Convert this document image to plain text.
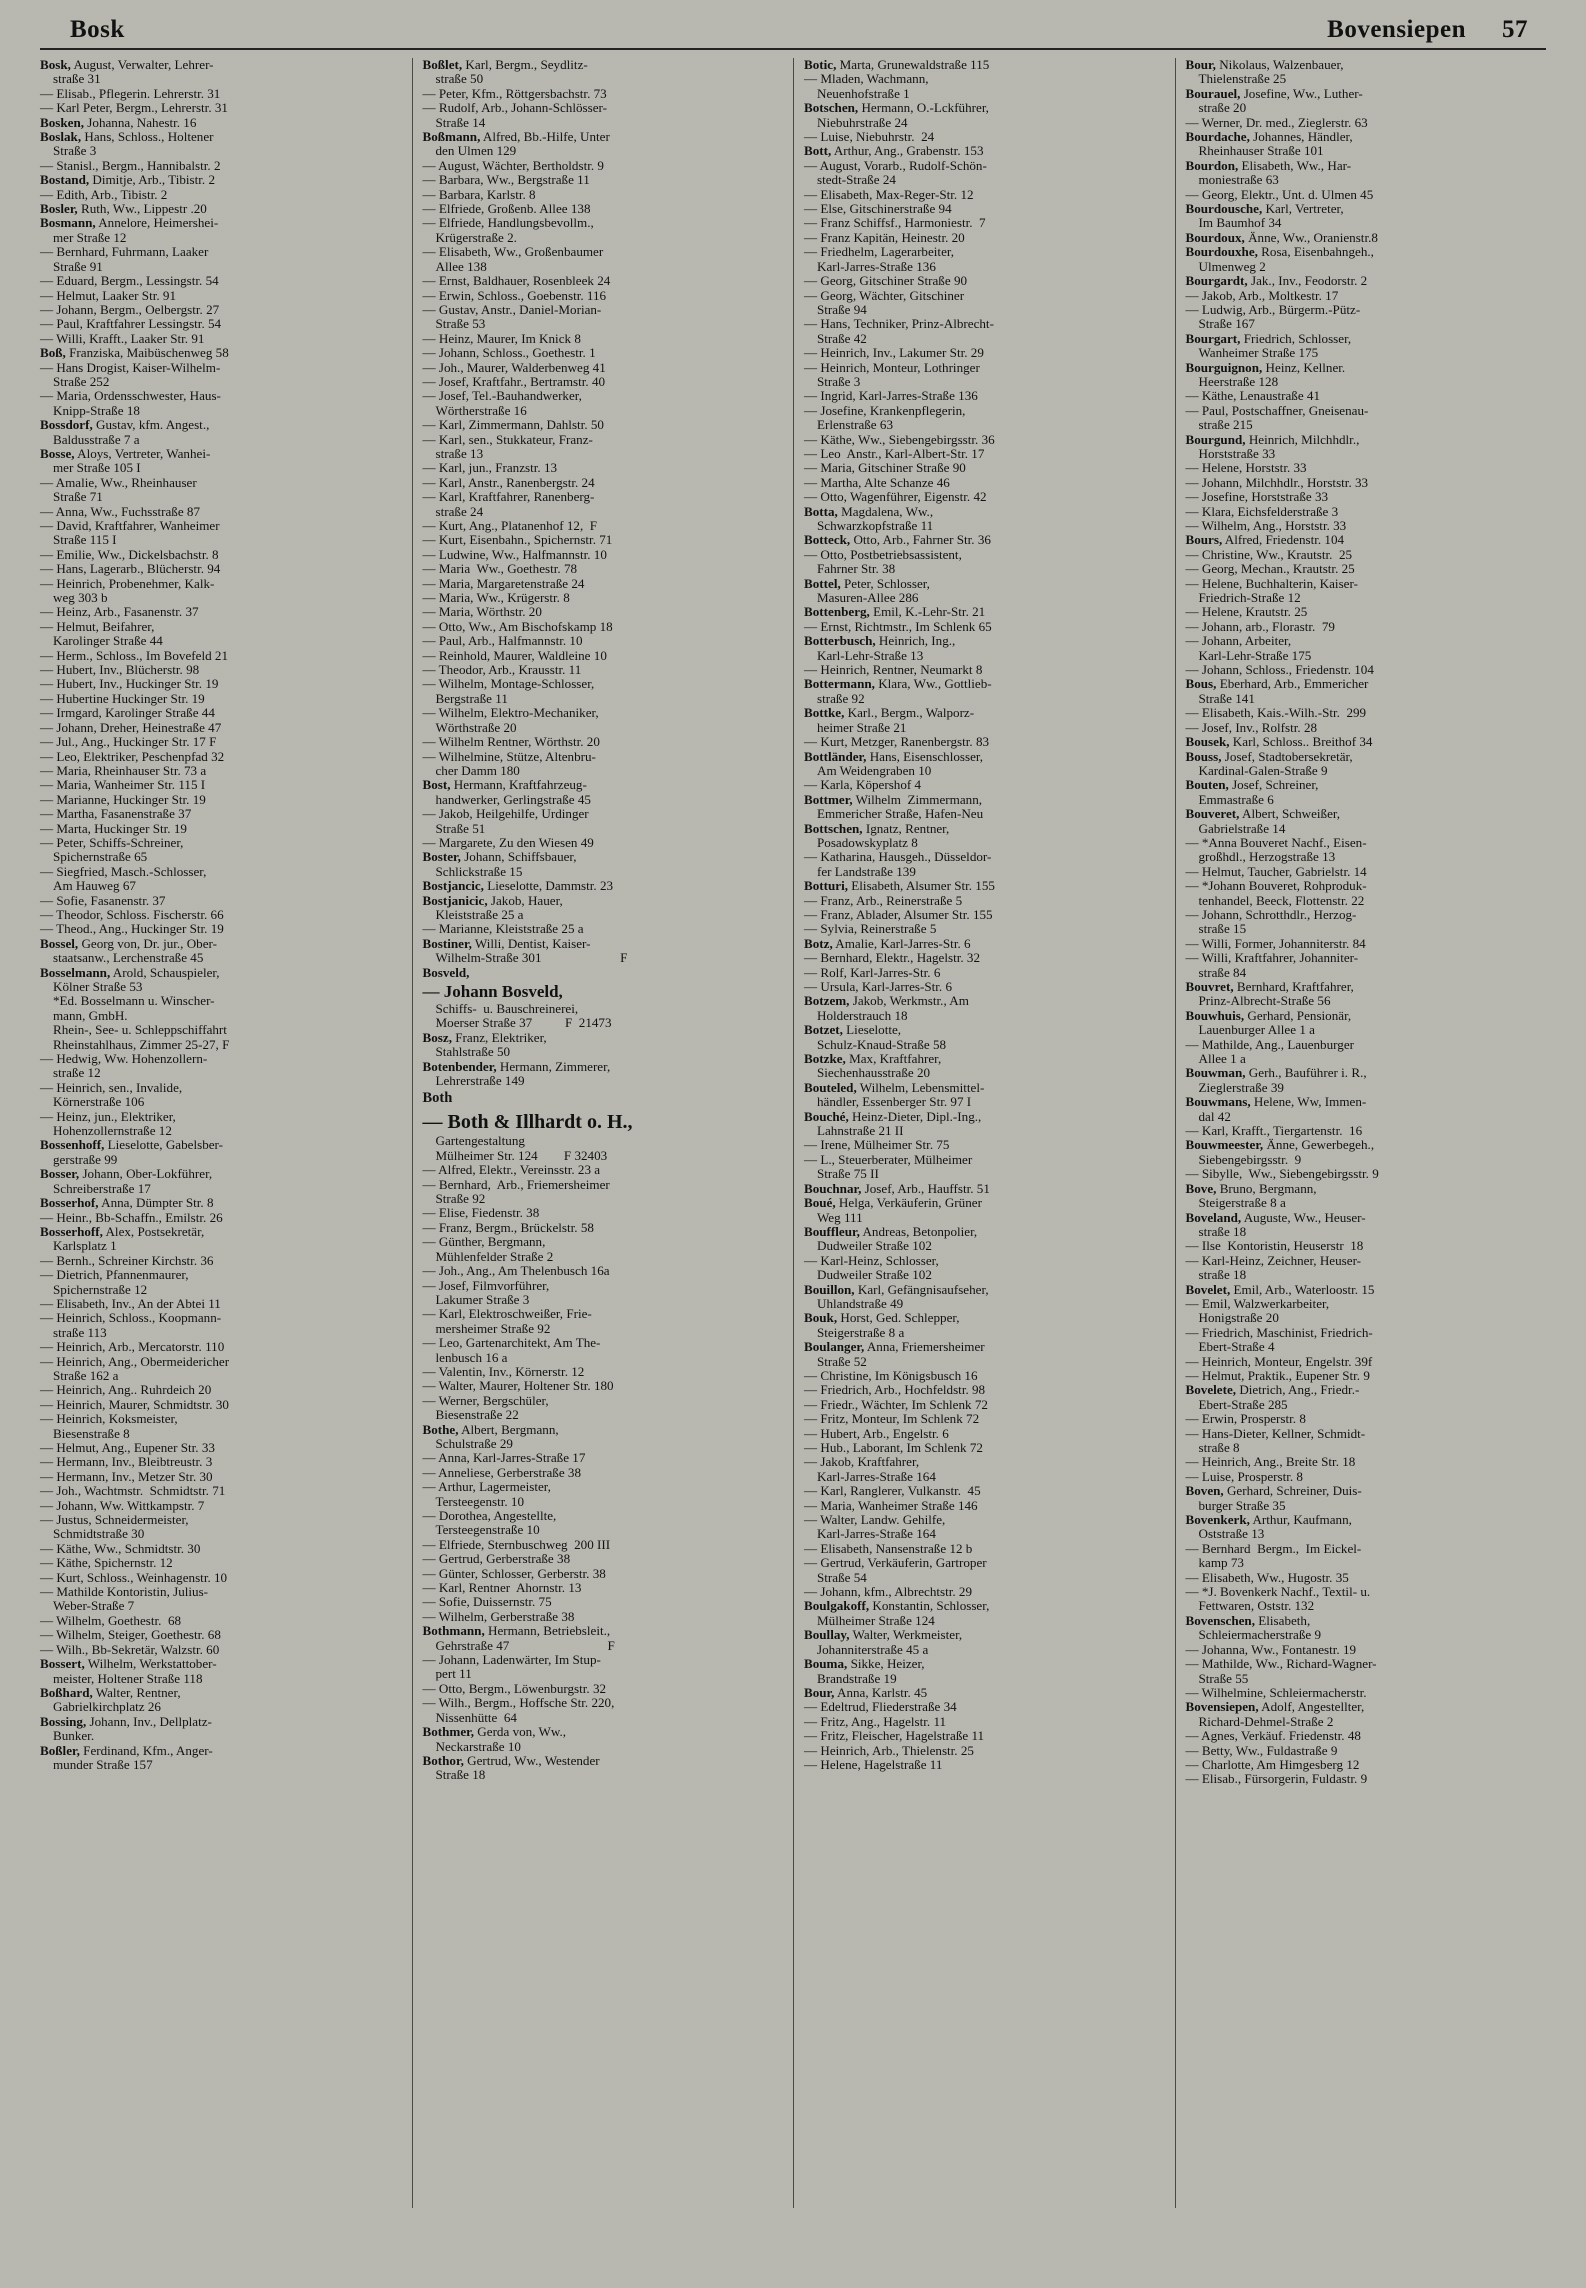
Bosk	Bovensiepen 57
Bosk, August, Verwalter, Lehrer-
straße 31
— Elisab., Pflegerin. Lehrerstr. 31
— Karl Peter, Bergm., Lehrerstr. 31
Bosken, Johanna, Nahestr. 16
Boslak, Hans, Schloss., Holtener
Straße 3
— Stanisl., Bergm., Hannibalstr. 2
Bostand, Dimitje, Arb., Tibistr. 2
— Edith, Arb., Tibistr. 2
Bosler, Ruth, Ww., Lippestr .20
Bosmann, Annelore, Heimershei-
mer Straße 12
— Bernhard, Fuhrmann, Laaker
Straße 91
— Eduard, Bergm., Lessingstr. 54
— Helmut, Laaker Str. 91
— Johann, Bergm., Oelbergstr. 27
— Paul, Kraftfahrer Lessingstr. 54
— Willi, Krafft., Laaker Str. 91
Boß, Franziska, Maibüschenweg 58
— Hans Drogist, Kaiser-Wilhelm-
Straße 252
— Maria, Ordensschwester, Haus-
Knipp-Straße 18
Bossdorf, Gustav, kfm. Angest.,
Baldusstraße 7 a
Bosse, Aloys, Vertreter, Wanhei-
mer Straße 105 I
— Amalie, Ww., Rheinhauser
Straße 71
— Anna, Ww., Fuchsstraße 87
— David, Kraftfahrer, Wanheimer
Straße 115 I
— Emilie, Ww., Dickelsbachstr. 8
— Hans, Lagerarb., Blücherstr. 94
— Heinrich, Probenehmer, Kalk-
weg 303 b
— Heinz, Arb., Fasanenstr. 37
— Helmut, Beifahrer,
Karolinger Straße 44
— Herm., Schloss., Im Bovefeld 21
— Hubert, Inv., Blücherstr. 98
— Hubert, Inv., Huckinger Str. 19
— Hubertine Huckinger Str. 19
— Irmgard, Karolinger Straße 44
— Johann, Dreher, Heinestraße 47
— Jul., Ang., Huckinger Str. 17 F
— Leo, Elektriker, Peschenpfad 32
— Maria, Rheinhauser Str. 73 a
— Maria, Wanheimer Str. 115 I
— Marianne, Huckinger Str. 19
— Martha, Fasanenstraße 37
— Marta, Huckinger Str. 19
— Peter, Schiffs-Schreiner,
Spichernstraße 65
— Siegfried, Masch.-Schlosser,
Am Hauweg 67
— Sofie, Fasanenstr. 37
— Theodor, Schloss. Fischerstr. 66
— Theod., Ang., Huckinger Str. 19
Bossel, Georg von, Dr. jur., Ober-
staatsanw., Lerchenstraße 45
Bosselmann, Arold, Schauspieler,
Kölner Straße 53
*Ed. Bosselmann u. Winscher-
mann, GmbH.
Rhein-, See- u. Schleppschiffahrt
Rheinstahlhaus, Zimmer 25-27, F
— Hedwig, Ww. Hohenzollern-
straße 12
— Heinrich, sen., Invalide,
Körnerstraße 106
— Heinz, jun., Elektriker,
Hohenzollernstraße 12
Bossenhoff, Lieselotte, Gabelsber-
gerstraße 99
Bosser, Johann, Ober-Lokführer,
Schreiberstraße 17
Bosserhof, Anna, Dümpter Str. 8
— Heinr., Bb-Schaffn., Emilstr. 26
Bosserhoff, Alex, Postsekretär,
Karlsplatz 1
— Bernh., Schreiner Kirchstr. 36
— Dietrich, Pfannenmaurer,
Spichernstraße 12
— Elisabeth, Inv., An der Abtei 11
— Heinrich, Schloss., Koopmann-
straße 113
— Heinrich, Arb., Mercatorstr. 110
— Heinrich, Ang., Obermeidericher
Straße 162 a
— Heinrich, Ang.. Ruhrdeich 20
— Heinrich, Maurer, Schmidtstr. 30
— Heinrich, Koksmeister,
Biesenstraße 8
— Helmut, Ang., Eupener Str. 33
— Hermann, Inv., Bleibtreustr. 3
— Hermann, Inv., Metzer Str. 30
— Joh., Wachtmstr.  Schmidtstr. 71
— Johann, Ww. Wittkampstr. 7
— Justus, Schneidermeister,
Schmidtstraße 30
— Käthe, Ww., Schmidtstr. 30
— Käthe, Spichernstr. 12
— Kurt, Schloss., Weinhagenstr. 10
— Mathilde Kontoristin, Julius-
Weber-Straße 7
— Wilhelm, Goethestr.  68
— Wilhelm, Steiger, Goethestr. 68
— Wilh., Bb-Sekretär, Walzstr. 60
Bossert, Wilhelm, Werkstattober-
meister, Holtener Straße 118
Boßhard, Walter, Rentner,
Gabrielkirchplatz 26
Bossing, Johann, Inv., Dellplatz-
Bunker.
Boßler, Ferdinand, Kfm., Anger-
munder Straße 157
Boßlet, Karl, Bergm., Seydlitz-
straße 50
— Peter, Kfm., Röttgersbachstr. 73
— Rudolf, Arb., Johann-Schlösser-
Straße 14
Boßmann, Alfred, Bb.-Hilfe, Unter
den Ulmen 129
— August, Wächter, Bertholdstr. 9
— Barbara, Ww., Bergstraße 11
— Barbara, Karlstr. 8
— Elfriede, Großenb. Allee 138
— Elfriede, Handlungsbevollm.,
Krügerstraße 2.
— Elisabeth, Ww., Großenbaumer
Allee 138
— Ernst, Baldhauer, Rosenbleek 24
— Erwin, Schloss., Goebenstr. 116
— Gustav, Anstr., Daniel-Morian-
Straße 53
— Heinz, Maurer, Im Knick 8
— Johann, Schloss., Goethestr. 1
— Joh., Maurer, Walderbenweg 41
— Josef, Kraftfahr., Bertramstr. 40
— Josef, Tel.-Bauhandwerker,
Wörtherstraße 16
— Karl, Zimmermann, Dahlstr. 50
— Karl, sen., Stukkateur, Franz-
straße 13
— Karl, jun., Franzstr. 13
— Karl, Anstr., Ranenbergstr. 24
— Karl, Kraftfahrer, Ranenberg-
straße 24
— Kurt, Ang., Platanenhof 12,  F
— Kurt, Eisenbahn., Spichernstr. 71
— Ludwine, Ww., Halfmannstr. 10
— Maria  Ww., Goethestr. 78
— Maria, Margaretenstraße 24
— Maria, Ww., Krügerstr. 8
— Maria, Wörthstr. 20
— Otto, Ww., Am Bischofskamp 18
— Paul, Arb., Halfmannstr. 10
— Reinhold, Maurer, Waldleine 10
— Theodor, Arb., Krausstr. 11
— Wilhelm, Montage-Schlosser,
Bergstraße 11
— Wilhelm, Elektro-Mechaniker,
Wörthstraße 20
— Wilhelm Rentner, Wörthstr. 20
— Wilhelmine, Stütze, Altenbru-
cher Damm 180
Bost, Hermann, Kraftfahrzeug-
handwerker, Gerlingstraße 45
— Jakob, Heilgehilfe, Urdinger
Straße 51
— Margarete, Zu den Wiesen 49
Boster, Johann, Schiffsbauer,
Schlickstraße 15
Bostjancic, Lieselotte, Dammstr. 23
Bostjanicic, Jakob, Hauer,
Kleiststraße 25 a
— Marianne, Kleiststraße 25 a
Bostiner, Willi, Dentist, Kaiser-
Wilhelm-Straße 301                        F
Bosveld,
— Johann Bosveld,
Schiffs-  u. Bauschreinerei,
Moerser Straße 37          F  21473
Bosz, Franz, Elektriker,
Stahlstraße 50
Botenbender, Hermann, Zimmerer,
Lehrerstraße 149
Both
— Both & Illhardt o. H.,
Gartengestaltung
Mülheimer Str. 124        F 32403
— Alfred, Elektr., Vereinsstr. 23 a
— Bernhard,  Arb., Friemersheimer
Straße 92
— Elise, Fiedenstr. 38
— Franz, Bergm., Brückelstr. 58
— Günther, Bergmann,
Mühlenfelder Straße 2
— Joh., Ang., Am Thelenbusch 16a
— Josef, Filmvorführer,
Lakumer Straße 3
— Karl, Elektroschweißer, Frie-
mersheimer Straße 92
— Leo, Gartenarchitekt, Am The-
lenbusch 16 a
— Valentin, Inv., Körnerstr. 12
— Walter, Maurer, Holtener Str. 180
— Werner, Bergschüler,
Biesenstraße 22
Bothe, Albert, Bergmann,
Schulstraße 29
— Anna, Karl-Jarres-Straße 17
— Anneliese, Gerberstraße 38
— Arthur, Lagermeister,
Tersteegenstr. 10
— Dorothea, Angestellte,
Tersteegenstraße 10
— Elfriede, Sternbuschweg  200 III
— Gertrud, Gerberstraße 38
— Günter, Schlosser, Gerberstr. 38
— Karl, Rentner  Ahornstr. 13
— Sofie, Duissernstr. 75
— Wilhelm, Gerberstraße 38
Bothmann, Hermann, Betriebsleit.,
Gehrstraße 47                              F
— Johann, Ladenwärter, Im Stup-
pert 11
— Otto, Bergm., Löwenburgstr. 32
— Wilh., Bergm., Hoffsche Str. 220,
Nissenhütte  64
Bothmer, Gerda von, Ww.,
Neckarstraße 10
Bothor, Gertrud, Ww., Westender
Straße 18
Botic, Marta, Grunewaldstraße 115
— Mladen, Wachmann,
Neuenhofstraße 1
Botschen, Hermann, O.-Lckführer,
Niebuhrstraße 24
— Luise, Niebuhrstr.  24
Bott, Arthur, Ang., Grabenstr. 153
— August, Vorarb., Rudolf-Schön-
stedt-Straße 24
— Elisabeth, Max-Reger-Str. 12
— Else, Gitschinerstraße 94
— Franz Schiffsf., Harmoniestr.  7
— Franz Kapitän, Heinestr. 20
— Friedhelm, Lagerarbeiter,
Karl-Jarres-Straße 136
— Georg, Gitschiner Straße 90
— Georg, Wächter, Gitschiner
Straße 94
— Hans, Techniker, Prinz-Albrecht-
Straße 42
— Heinrich, Inv., Lakumer Str. 29
— Heinrich, Monteur, Lothringer
Straße 3
— Ingrid, Karl-Jarres-Straße 136
— Josefine, Krankenpflegerin,
Erlenstraße 63
— Käthe, Ww., Siebengebirgsstr. 36
— Leo  Anstr., Karl-Albert-Str. 17
— Maria, Gitschiner Straße 90
— Martha, Alte Schanze 46
— Otto, Wagenführer, Eigenstr. 42
Botta, Magdalena, Ww.,
Schwarzkopfstraße 11
Botteck, Otto, Arb., Fahrner Str. 36
— Otto, Postbetriebsassistent,
Fahrner Str. 38
Bottel, Peter, Schlosser,
Masuren-Allee 286
Bottenberg, Emil, K.-Lehr-Str. 21
— Ernst, Richtmstr., Im Schlenk 65
Botterbusch, Heinrich, Ing.,
Karl-Lehr-Straße 13
— Heinrich, Rentner, Neumarkt 8
Bottermann, Klara, Ww., Gottlieb-
straße 92
Bottke, Karl., Bergm., Walporz-
heimer Straße 21
— Kurt, Metzger, Ranenbergstr. 83
Bottländer, Hans, Eisenschlosser,
Am Weidengraben 10
— Karla, Köpershof 4
Bottmer, Wilhelm  Zimmermann,
Emmericher Straße, Hafen-Neu
Bottschen, Ignatz, Rentner,
Posadowskyplatz 8
— Katharina, Hausgeh., Düsseldor-
fer Landstraße 139
Botturi, Elisabeth, Alsumer Str. 155
— Franz, Arb., Reinerstraße 5
— Franz, Ablader, Alsumer Str. 155
— Sylvia, Reinerstraße 5
Botz, Amalie, Karl-Jarres-Str. 6
— Bernhard, Elektr., Hagelstr. 32
— Rolf, Karl-Jarres-Str. 6
— Ursula, Karl-Jarres-Str. 6
Botzem, Jakob, Werkmstr., Am
Holderstrauch 18
Botzet, Lieselotte,
Schulz-Knaud-Straße 58
Botzke, Max, Kraftfahrer,
Siechenhausstraße 20
Bouteled, Wilhelm, Lebensmittel-
händler, Essenberger Str. 97 I
Bouché, Heinz-Dieter, Dipl.-Ing.,
Lahnstraße 21 II
— Irene, Mülheimer Str. 75
— L., Steuerberater, Mülheimer
Straße 75 II
Bouchnar, Josef, Arb., Hauffstr. 51
Boué, Helga, Verkäuferin, Grüner
Weg 111
Bouffleur, Andreas, Betonpolier,
Dudweiler Straße 102
— Karl-Heinz, Schlosser,
Dudweiler Straße 102
Bouillon, Karl, Gefängnisaufseher,
Uhlandstraße 49
Bouk, Horst, Ged. Schlepper,
Steigerstraße 8 a
Boulanger, Anna, Friemersheimer
Straße 52
— Christine, Im Königsbusch 16
— Friedrich, Arb., Hochfeldstr. 98
— Friedr., Wächter, Im Schlenk 72
— Fritz, Monteur, Im Schlenk 72
— Hubert, Arb., Engelstr. 6
— Hub., Laborant, Im Schlenk 72
— Jakob, Kraftfahrer,
Karl-Jarres-Straße 164
— Karl, Ranglerer, Vulkanstr.  45
— Maria, Wanheimer Straße 146
— Walter, Landw. Gehilfe,
Karl-Jarres-Straße 164
— Elisabeth, Nansenstraße 12 b
— Gertrud, Verkäuferin, Gartroper
Straße 54
— Johann, kfm., Albrechtstr. 29
Boulgakoff, Konstantin, Schlosser,
Mülheimer Straße 124
Boullay, Walter, Werkmeister,
Johanniterstraße 45 a
Bouma, Sikke, Heizer,
Brandstraße 19
Bour, Anna, Karlstr. 45
— Edeltrud, Fliederstraße 34
— Fritz, Ang., Hagelstr. 11
— Fritz, Fleischer, Hagelstraße 11
— Heinrich, Arb., Thielenstr. 25
— Helene, Hagelstraße 11
Bour, Nikolaus, Walzenbauer,
Thielenstraße 25
Bourauel, Josefine, Ww., Luther-
straße 20
— Werner, Dr. med., Zieglerstr. 63
Bourdache, Johannes, Händler,
Rheinhauser Straße 101
Bourdon, Elisabeth, Ww., Har-
moniestraße 63
— Georg, Elektr., Unt. d. Ulmen 45
Bourdousche, Karl, Vertreter,
Im Baumhof 34
Bourdoux, Änne, Ww., Oranienstr.8
Bourdouxhe, Rosa, Eisenbahngeh.,
Ulmenweg 2
Bourgardt, Jak., Inv., Feodorstr. 2
— Jakob, Arb., Moltkestr. 17
— Ludwig, Arb., Bürgerm.-Pütz-
Straße 167
Bourgart, Friedrich, Schlosser,
Wanheimer Straße 175
Bourguignon, Heinz, Kellner.
Heerstraße 128
— Käthe, Lenaustraße 41
— Paul, Postschaffner, Gneisenau-
straße 215
Bourgund, Heinrich, Milchhdlr.,
Horststraße 33
— Helene, Horststr. 33
— Johann, Milchhdlr., Horststr. 33
— Josefine, Horststraße 33
— Klara, Eichsfelderstraße 3
— Wilhelm, Ang., Horststr. 33
Bours, Alfred, Friedenstr. 104
— Christine, Ww., Krautstr.  25
— Georg, Mechan., Krautstr. 25
— Helene, Buchhalterin, Kaiser-
Friedrich-Straße 12
— Helene, Krautstr. 25
— Johann, arb., Florastr.  79
— Johann, Arbeiter,
Karl-Lehr-Straße 175
— Johann, Schloss., Friedenstr. 104
Bous, Eberhard, Arb., Emmericher
Straße 141
— Elisabeth, Kais.-Wilh.-Str.  299
— Josef, Inv., Rolfstr. 28
Bousek, Karl, Schloss.. Breithof 34
Bouss, Josef, Stadtobersekretär,
Kardinal-Galen-Straße 9
Bouten, Josef, Schreiner,
Emmastraße 6
Bouveret, Albert, Schweißer,
Gabrielstraße 14
— *Anna Bouveret Nachf., Eisen-
großhdl., Herzogstraße 13
— Helmut, Taucher, Gabrielstr. 14
— *Johann Bouveret, Rohproduk-
tenhandel, Beeck, Flottenstr. 22
— Johann, Schrotthdlr., Herzog-
straße 15
— Willi, Former, Johanniterstr. 84
— Willi, Kraftfahrer, Johanniter-
straße 84
Bouvret, Bernhard, Kraftfahrer,
Prinz-Albrecht-Straße 56
Bouwhuis, Gerhard, Pensionär,
Lauenburger Allee 1 a
— Mathilde, Ang., Lauenburger
Allee 1 a
Bouwman, Gerh., Bauführer i. R.,
Zieglerstraße 39
Bouwmans, Helene, Ww, Immen-
dal 42
— Karl, Krafft., Tiergartenstr.  16
Bouwmeester, Änne, Gewerbegeh.,
Siebengebirgsstr.  9
— Sibylle,  Ww., Siebengebirgsstr. 9
Bove, Bruno, Bergmann,
Steigerstraße 8 a
Boveland, Auguste, Ww., Heuser-
straße 18
— Ilse  Kontoristin, Heuserstr  18
— Karl-Heinz, Zeichner, Heuser-
straße 18
Bovelet, Emil, Arb., Waterloostr. 15
— Emil, Walzwerkarbeiter,
Honigstraße 20
— Friedrich, Maschinist, Friedrich-
Ebert-Straße 4
— Heinrich, Monteur, Engelstr. 39f
— Helmut, Praktik., Eupener Str. 9
Bovelete, Dietrich, Ang., Friedr.-
Ebert-Straße 285
— Erwin, Prosperstr. 8
— Hans-Dieter, Kellner, Schmidt-
straße 8
— Heinrich, Ang., Breite Str. 18
— Luise, Prosperstr. 8
Boven, Gerhard, Schreiner, Duis-
burger Straße 35
Bovenkerk, Arthur, Kaufmann,
Oststraße 13
— Bernhard  Bergm.,  Im Eickel-
kamp 73
— Elisabeth, Ww., Hugostr. 35
— *J. Bovenkerk Nachf., Textil- u.
Fettwaren, Oststr. 132
Bovenschen, Elisabeth,
Schleiermacherstraße 9
— Johanna, Ww., Fontanestr. 19
— Mathilde, Ww., Richard-Wagner-
Straße 55
— Wilhelmine, Schleiermacherstr.
Bovensiepen, Adolf, Angestellter,
Richard-Dehmel-Straße 2
— Agnes, Verkäuf. Friedenstr. 48
— Betty, Ww., Fuldastraße 9
— Charlotte, Am Himgesberg 12
— Elisab., Fürsorgerin, Fuldastr. 9
